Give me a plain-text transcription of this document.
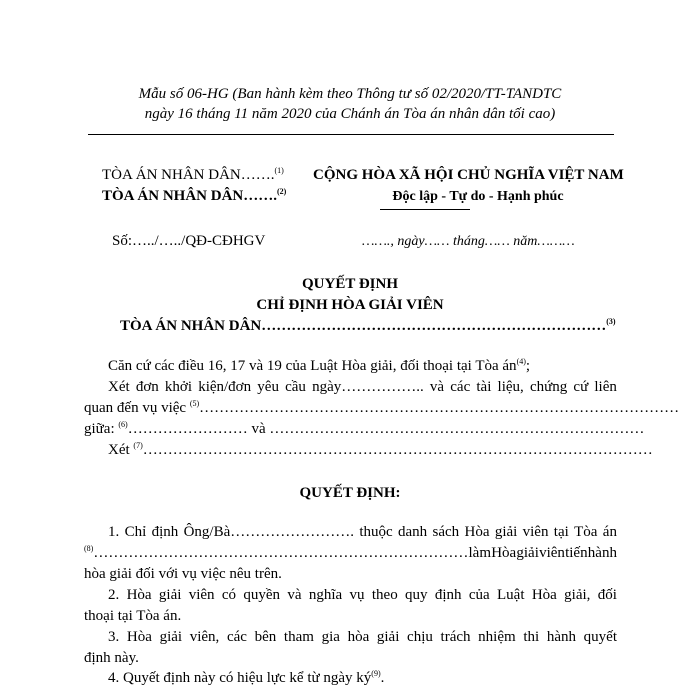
Mẫu số 06-HG (Ban hành kèm theo Thông tư số 02/2020/TT-TANDTC
ngày 16 tháng 11 năm 2020 của Chánh án Tòa án nhân dân tối cao)
TÒA ÁN NHÂN DÂN…….$^{(1)}$
TÒA ÁN NHÂN DÂN…….$^{(2)}$
Số:…../…../QĐ-CĐHGV
CỘNG HÒA XÃ HỘI CHỦ NGHĨA VIỆT NAM
Độc lập - Tự do - Hạnh phúc
……., ngày…… tháng…… năm………
QUYẾT ĐỊNH
CHỈ ĐỊNH HÒA GIẢI VIÊN
TÒA ÁN NHÂN DÂN……………………………………………………………$^{(3)}$
Căn cứ các điều 16, 17 và 19 của Luật Hòa giải, đối thoại tại Tòa $án^{(4)}$;
Xét đơn khởi kiện/đơn yêu cầu ngày…………….. và các tài liệu, chứng cứ liên
quan đến vụ việc $^{(5)}$……………………………………………………………………………………
giữa: $^{(6)}$…………………… và …………………………………………………………………
Xét $^{(7)}$…………………………………………………………………………………………
QUYẾT ĐỊNH:
1. Chỉ định Ông/Bà……………………. thuộc danh sách Hòa giải viên tại Tòa án
$^{(8)}$………………………………………………………………… làm Hòa giải viên tiến hành
hòa giải đối với vụ việc nêu trên.
2. Hòa giải viên có quyền và nghĩa vụ theo quy định của Luật Hòa giải, đối
thoại tại Tòa án.
3. Hòa giải viên, các bên tham gia hòa giải chịu trách nhiệm thi hành quyết
định này.
4. Quyết định này có hiệu lực kể từ ngày $ký^{(9)}$.
